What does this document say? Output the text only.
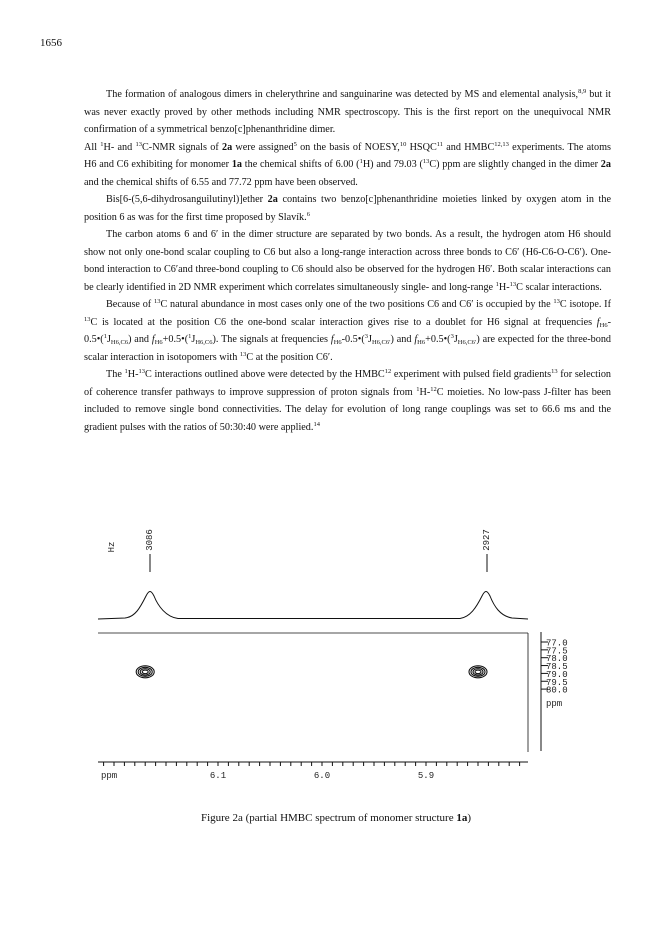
1656

The formation of analogous dimers in chelerythrine and sanguinarine was detected by MS and elemental analysis,$^{8,9}$ but it was never exactly proved by other methods including NMR spectroscopy. This is the first report on the unequivocal NMR confirmation of a symmetrical benzo[c]phenanthridine dimer.

All $^1$H- and $^{13}$C-NMR signals of 2a were assigned$^5$ on the basis of NOESY,$^{10}$ HSQC$^{11}$ and HMBC$^{12,13}$ experiments. The atoms H6 and C6 exhibiting for monomer 1a the chemical shifts of 6.00 ($^1$H) and 79.03 ($^{13}$C) ppm are slightly changed in the dimer 2a and the chemical shifts of 6.55 and 77.72 ppm have been observed.

Bis[6-(5,6-dihydrosanguilutinyl)]ether 2a contains two benzo[c]phenanthridine moieties linked by oxygen atom in the position 6 as was for the first time proposed by Slavík.$^6$

The carbon atoms 6 and 6′ in the dimer structure are separated by two bonds. As a result, the hydrogen atom H6 should show not only one-bond scalar coupling to C6 but also a long-range interaction across three bonds to C6′ (H6-C6-O-C6′). One-bond interaction to C6′and three-bond coupling to C6 should also be observed for the hydrogen H6′. Both scalar interactions can be clearly identified in 2D NMR experiment which correlates simultaneously single- and long-range $^1$H-$^{13}$C scalar interactions.

Because of $^{13}$C natural abundance in most cases only one of the two positions C6 and C6′ is occupied by the $^{13}$C isotope. If $^{13}$C is located at the position C6 the one-bond scalar interaction gives rise to a doublet for H6 signal at frequencies $f_{H6}-0.5•(^1J_{H6,C6})$ and $f_{H6}+0.5•(^1J_{H6,C6})$. The signals at frequencies $f_{H6}-0.5•(^3J_{H6,C6'})$ and $f_{H6}+0.5•(^3J_{H6,C6'})$ are expected for the three-bond scalar interaction in isotopomers with $^{13}$C at the position C6′.

The $^1$H-$^{13}$C interactions outlined above were detected by the HMBC$^{12}$ experiment with pulsed field gradients$^{13}$ for selection of coherence transfer pathways to improve suppression of proton signals from $^1$H-$^{12}$C moieties. No low-pass J-filter has been included to remove single bond connectivities. The delay for evolution of long range couplings was set to 66.6 ms and the gradient pulses with the ratios of 50:30:40 were applied.$^{14}$

Hz	3086	2927
77.0
77.5
78.0
78.5
79.0
79.5
80.0
ppm
ppm	6.1	6.0	5.9
Figure 2a (partial HMBC spectrum of monomer structure 1a)
